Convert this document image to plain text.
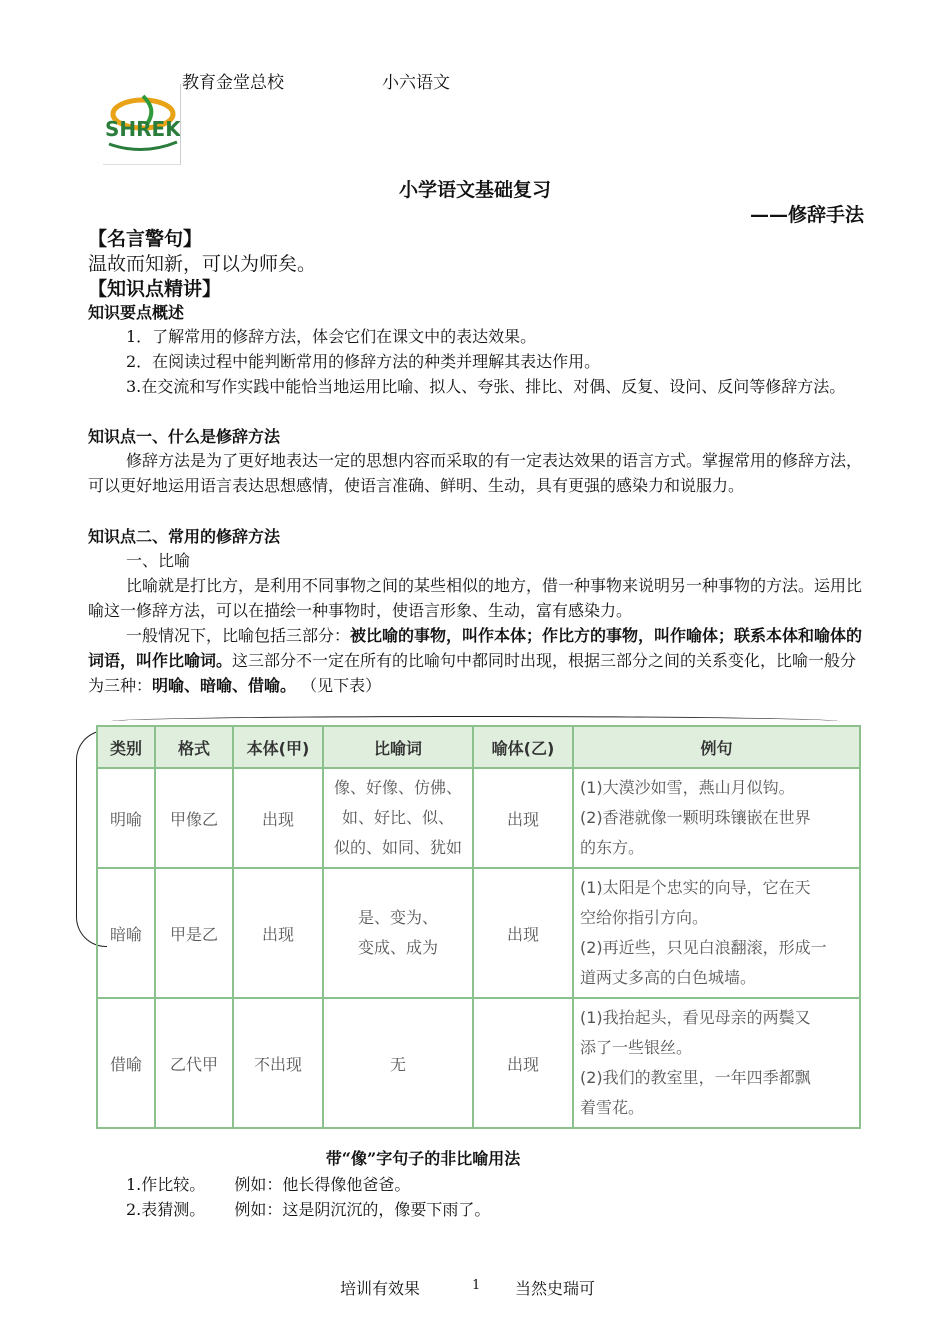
教育金堂总校	小六语文
SHREK
小学语文基础复习
——修辞手法
【名言警句】
温故而知新，可以为师矣。
【知识点精讲】
知识要点概述
1．了解常用的修辞方法，体会它们在课文中的表达效果。
2．在阅读过程中能判断常用的修辞方法的种类并理解其表达作用。
3.在交流和写作实践中能恰当地运用比喻、拟人、夸张、排比、对偶、反复、设问、反问等修辞方法。
知识点一、什么是修辞方法
修辞方法是为了更好地表达一定的思想内容而采取的有一定表达效果的语言方式。掌握常用的修辞方法，可以更好地运用语言表达思想感情，使语言准确、鲜明、生动，具有更强的感染力和说服力。
知识点二、常用的修辞方法
一、比喻
比喻就是打比方，是利用不同事物之间的某些相似的地方，借一种事物来说明另一种事物的方法。运用比喻这一修辞方法，可以在描绘一种事物时，使语言形象、生动，富有感染力。
一般情况下，比喻包括三部分：被比喻的事物，叫作本体；作比方的事物，叫作喻体；联系本体和喻体的词语，叫作比喻词。这三部分不一定在所有的比喻句中都同时出现，根据三部分之间的关系变化，比喻一般分为三种：明喻、暗喻、借喻。 （见下表）
类别	格式	本体(甲)	比喻词	喻体(乙)	例句
明喻	甲像乙	出现	像、好像、仿佛、
如、好比、似、
似的、如同、犹如	出现	(1)大漠沙如雪，燕山月似钩。
(2)香港就像一颗明珠镶嵌在世界
的东方。

暗喻	甲是乙	出现	是、变为、
变成、成为	出现	(1)太阳是个忠实的向导，它在天
空给你指引方向。
(2)再近些，只见白浪翻滚，形成一
道两丈多高的白色城墙。

借喻	乙代甲	不出现	无	出现	(1)我抬起头，看见母亲的两鬓又
添了一些银丝。
(2)我们的教室里，一年四季都飘
着雪花。
带“像”字句子的非比喻用法
1.作比较。 例如：他长得像他爸爸。
2.表猜测。 例如：这是阴沉沉的，像要下雨了。
培训有效果	1 当然史瑞可
